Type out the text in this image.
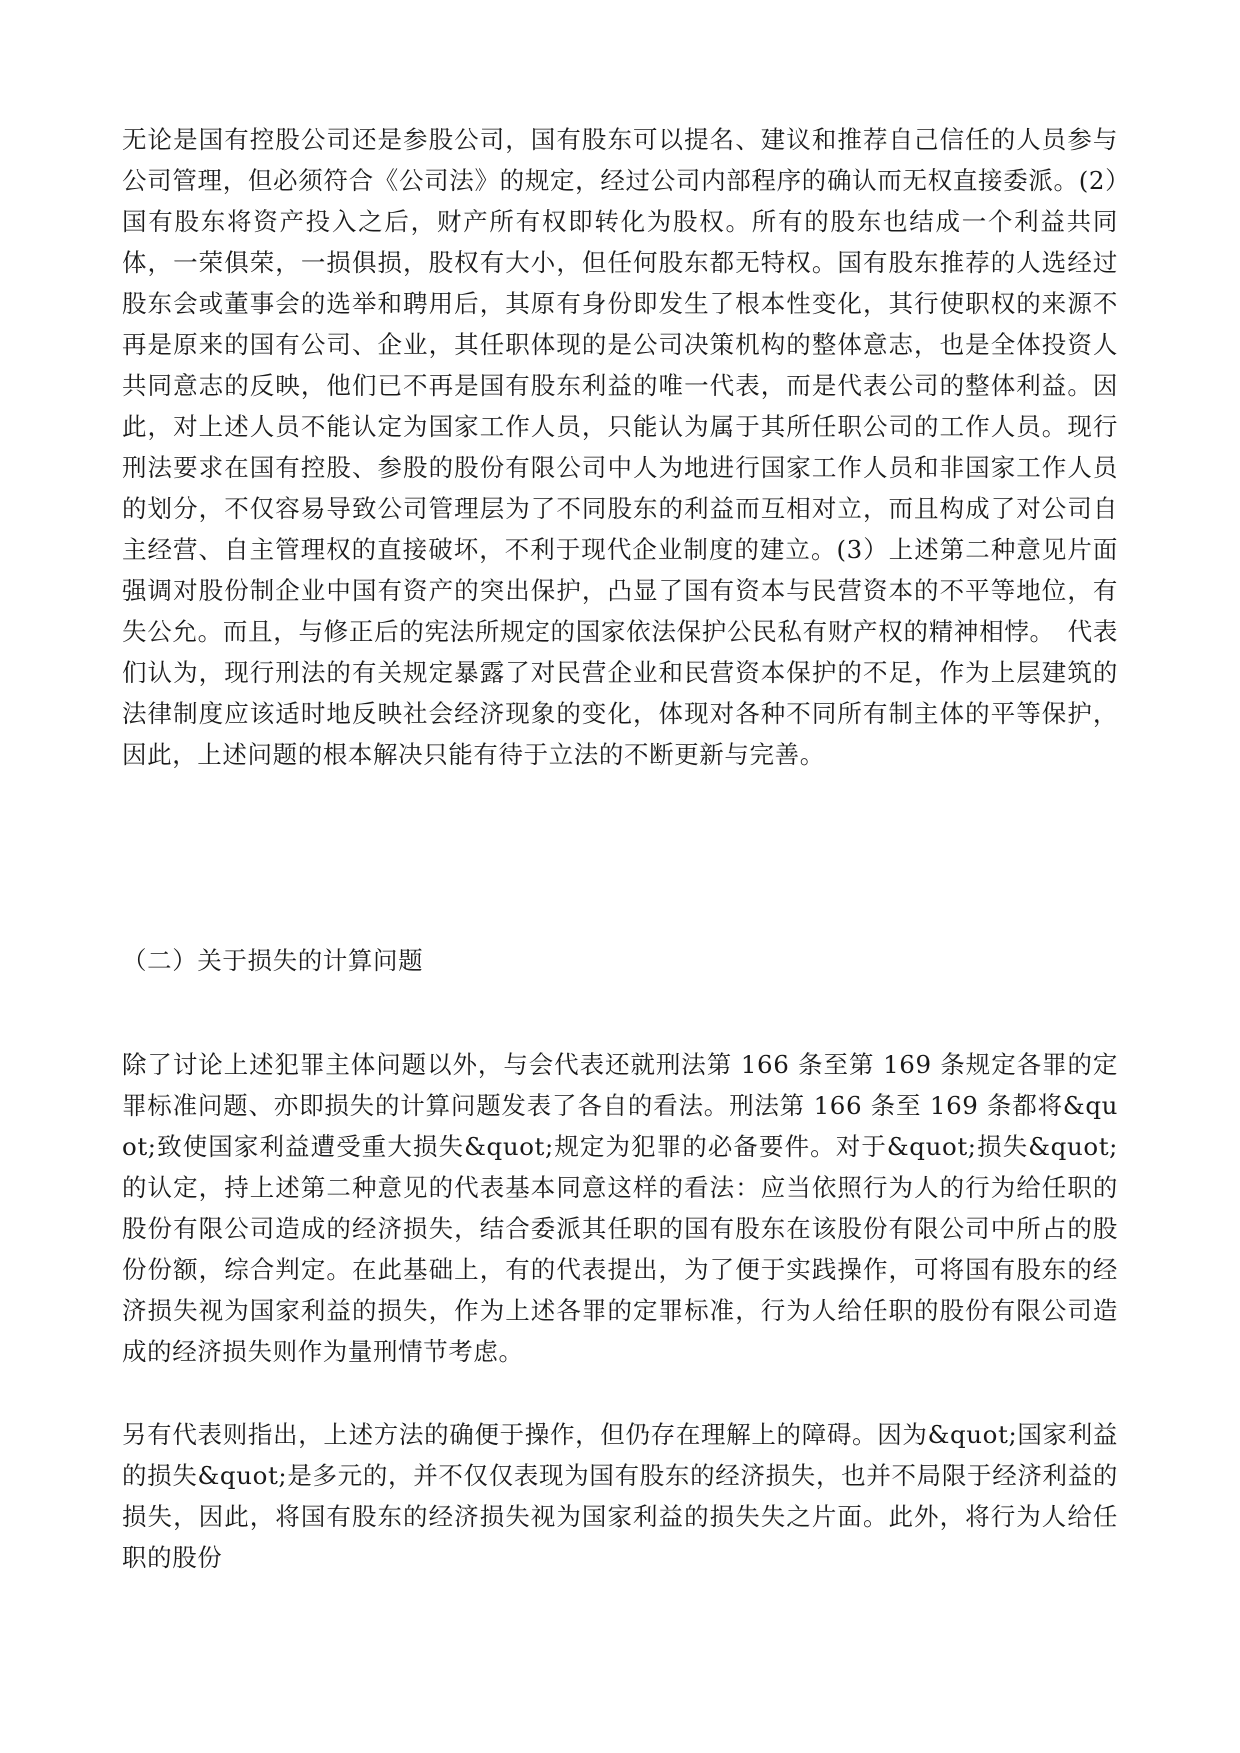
无论是国有控股公司还是参股公司，国有股东可以提名、建议和推荐自己信任的人员参与公司管理，但必须符合《公司法》的规定，经过公司内部程序的确认而无权直接委派。(2）国有股东将资产投入之后，财产所有权即转化为股权。所有的股东也结成一个利益共同体，一荣俱荣，一损俱损，股权有大小，但任何股东都无特权。国有股东推荐的人选经过股东会或董事会的选举和聘用后，其原有身份即发生了根本性变化，其行使职权的来源不再是原来的国有公司、企业，其任职体现的是公司决策机构的整体意志，也是全体投资人共同意志的反映，他们已不再是国有股东利益的唯一代表，而是代表公司的整体利益。因此，对上述人员不能认定为国家工作人员，只能认为属于其所任职公司的工作人员。现行刑法要求在国有控股、参股的股份有限公司中人为地进行国家工作人员和非国家工作人员的划分，不仅容易导致公司管理层为了不同股东的利益而互相对立，而且构成了对公司自主经营、自主管理权的直接破坏，不利于现代企业制度的建立。(3）上述第二种意见片面强调对股份制企业中国有资产的突出保护，凸显了国有资本与民营资本的不平等地位，有失公允。而且，与修正后的宪法所规定的国家依法保护公民私有财产权的精神相悖。　代表们认为，现行刑法的有关规定暴露了对民营企业和民营资本保护的不足，作为上层建筑的法律制度应该适时地反映社会经济现象的变化，体现对各种不同所有制主体的平等保护，因此，上述问题的根本解决只能有待于立法的不断更新与完善。

（二）关于损失的计算问题

除了讨论上述犯罪主体问题以外，与会代表还就刑法第 166 条至第 169 条规定各罪的定罪标准问题、亦即损失的计算问题发表了各自的看法。刑法第 166 条至 169 条都将&quot;致使国家利益遭受重大损失&quot;规定为犯罪的必备要件。对于&quot;损失&quot;的认定，持上述第二种意见的代表基本同意这样的看法：应当依照行为人的行为给任职的股份有限公司造成的经济损失，结合委派其任职的国有股东在该股份有限公司中所占的股份份额，综合判定。在此基础上，有的代表提出，为了便于实践操作，可将国有股东的经济损失视为国家利益的损失，作为上述各罪的定罪标准，行为人给任职的股份有限公司造成的经济损失则作为量刑情节考虑。

另有代表则指出，上述方法的确便于操作，但仍存在理解上的障碍。因为&quot;国家利益的损失&quot;是多元的，并不仅仅表现为国有股东的经济损失，也并不局限于经济利益的损失，因此，将国有股东的经济损失视为国家利益的损失失之片面。此外，将行为人给任职的股份
